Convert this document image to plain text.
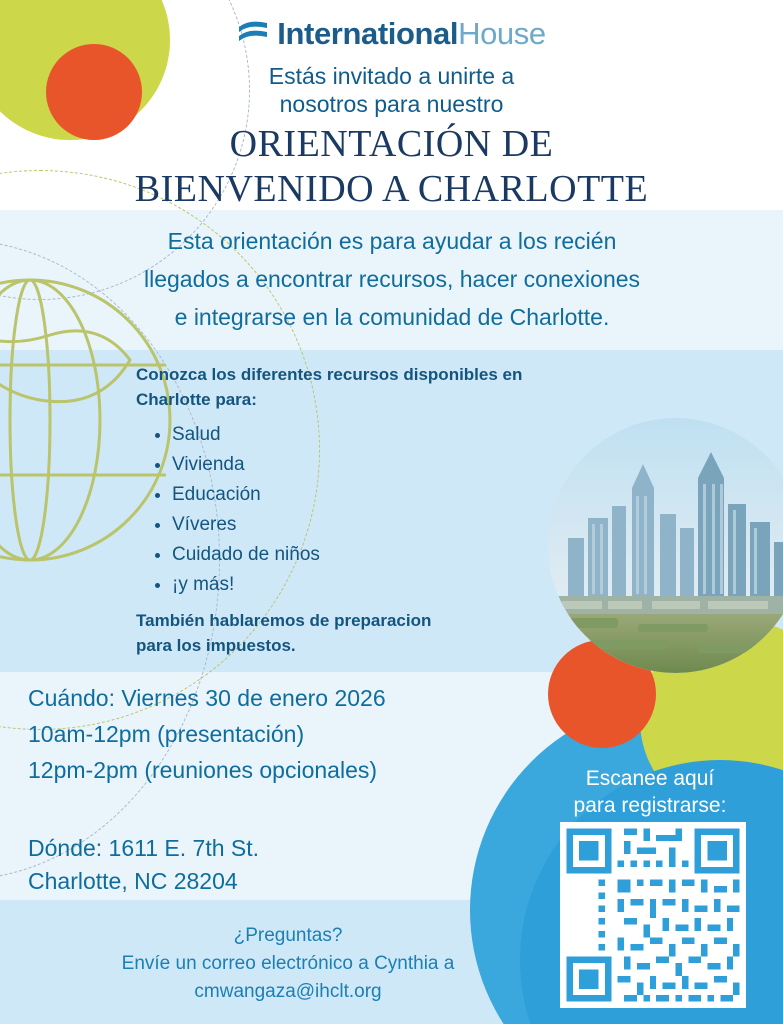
InternationalHouse
Estás invitado a unirte a
nosotros para nuestro
ORIENTACIÓN DE
BIENVENIDO A CHARLOTTE
Esta orientación es para ayudar a los recién
llegados a encontrar recursos, hacer conexiones
e integrarse en la comunidad de Charlotte.
Conozca los diferentes recursos disponibles en
Charlotte para:
• Salud
• Vivienda
• Educación
• Víveres
• Cuidado de niños
• ¡y más!
También hablaremos de preparacion
para los impuestos.
Cuándo: Viernes 30 de enero 2026
10am-12pm (presentación)
12pm-2pm (reuniones opcionales)
Dónde: 1611 E. 7th St.
Charlotte, NC 28204
¿Preguntas?
Envíe un correo electrónico a Cynthia a
cmwangaza@ihclt.org
Escanee aquí
para registrarse:
